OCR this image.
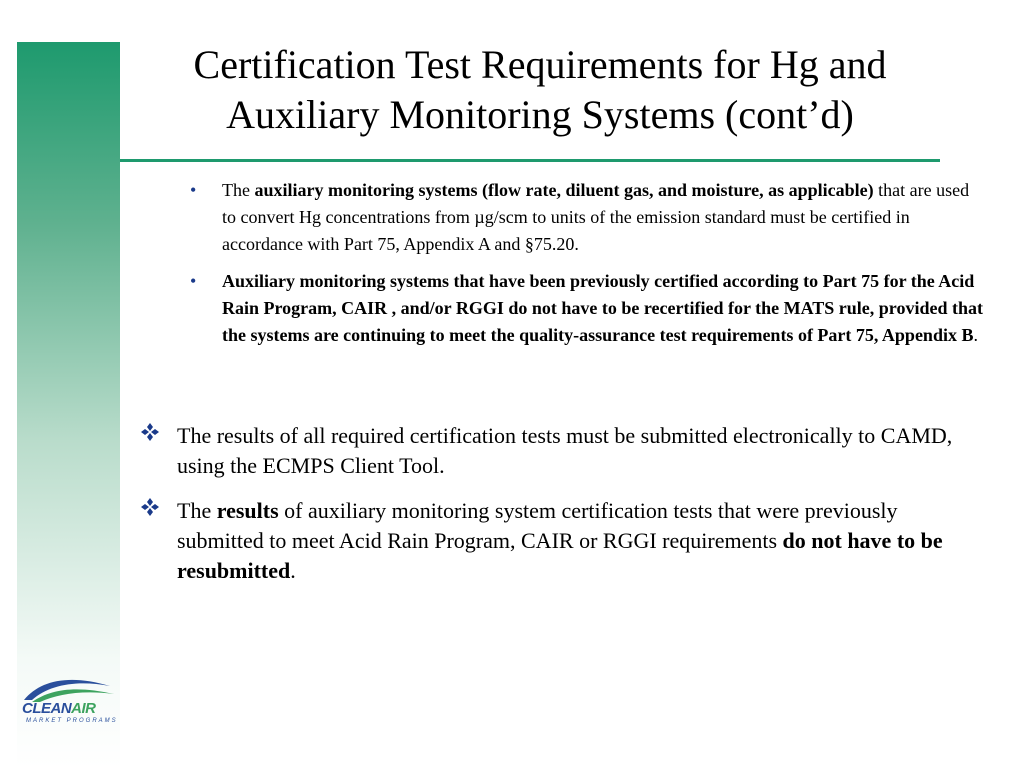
Certification Test Requirements for Hg and
Auxiliary Monitoring Systems (cont’d)
• The auxiliary monitoring systems (flow rate, diluent gas, and moisture, as applicable) that are used to convert Hg concentrations from µg/scm to units of the emission standard must be certified in accordance with Part 75, Appendix A and §75.20.
• Auxiliary monitoring systems that have been previously certified according to Part 75 for the Acid Rain Program, CAIR , and/or RGGI do not have to be recertified for the MATS rule, provided that the systems are continuing to meet the quality-assurance test requirements of Part 75, Appendix B.
The results of all required certification tests must be submitted electronically to CAMD, using the ECMPS Client Tool.
The results of auxiliary monitoring system certification tests that were previously submitted to meet Acid Rain Program, CAIR or RGGI requirements do not have to be resubmitted.
CLEANAIR
MARKET PROGRAMS
